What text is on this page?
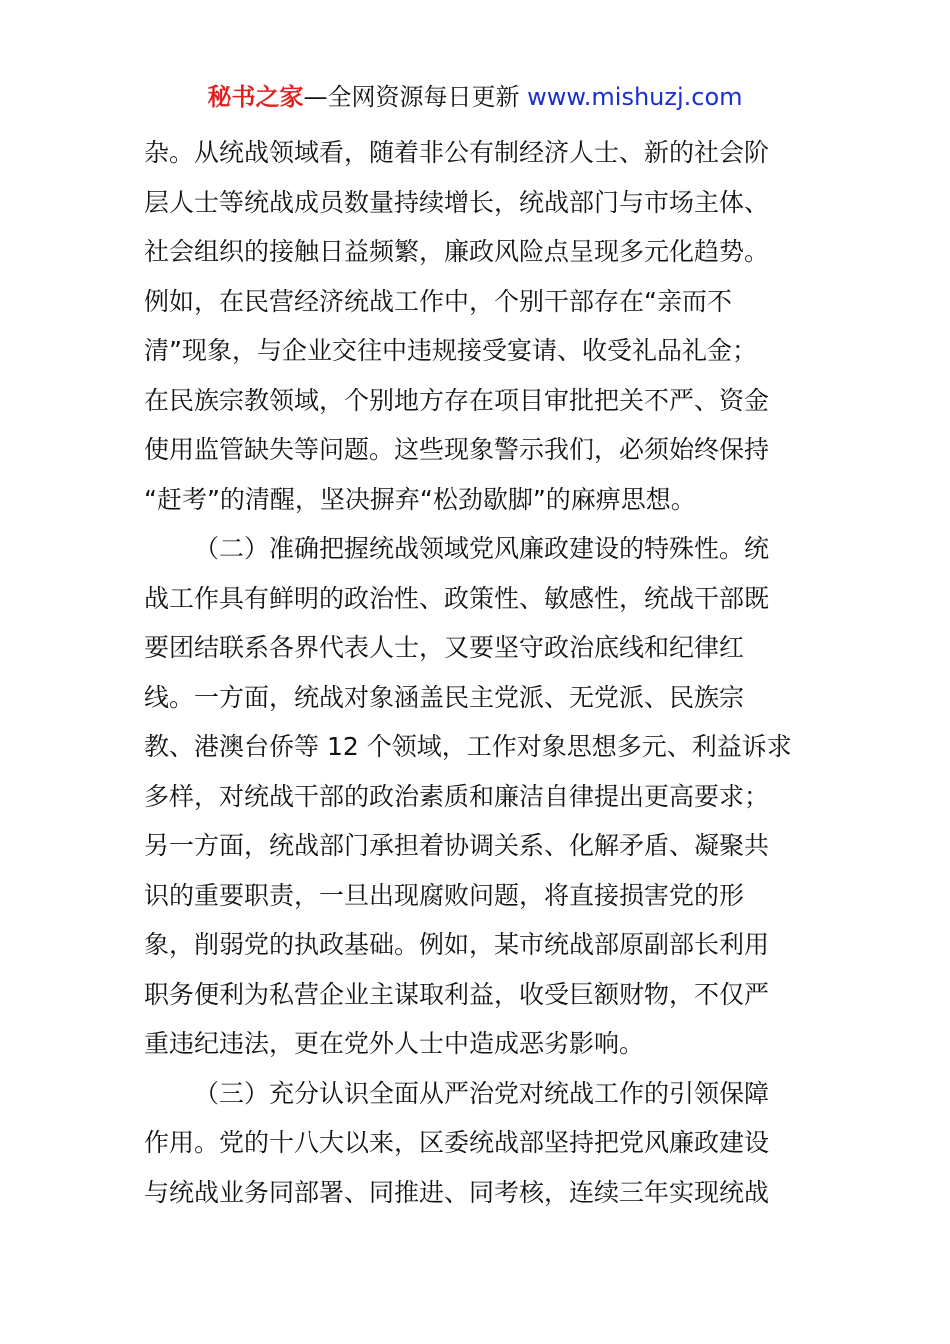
秘书之家—全网资源每日更新 www.mishuzj.com
杂。从统战领域看，随着非公有制经济人士、新的社会阶
层人士等统战成员数量持续增长，统战部门与市场主体、
社会组织的接触日益频繁，廉政风险点呈现多元化趋势。
例如，在民营经济统战工作中，个别干部存在“亲而不
清”现象，与企业交往中违规接受宴请、收受礼品礼金；
在民族宗教领域，个别地方存在项目审批把关不严、资金
使用监管缺失等问题。这些现象警示我们，必须始终保持
“赶考”的清醒，坚决摒弃“松劲歇脚”的麻痹思想。
（二）准确把握统战领域党风廉政建设的特殊性。统
战工作具有鲜明的政治性、政策性、敏感性，统战干部既
要团结联系各界代表人士，又要坚守政治底线和纪律红
线。一方面，统战对象涵盖民主党派、无党派、民族宗
教、港澳台侨等 12 个领域，工作对象思想多元、利益诉求
多样，对统战干部的政治素质和廉洁自律提出更高要求；
另一方面，统战部门承担着协调关系、化解矛盾、凝聚共
识的重要职责，一旦出现腐败问题，将直接损害党的形
象，削弱党的执政基础。例如，某市统战部原副部长利用
职务便利为私营企业主谋取利益，收受巨额财物，不仅严
重违纪违法，更在党外人士中造成恶劣影响。
（三）充分认识全面从严治党对统战工作的引领保障
作用。党的十八大以来，区委统战部坚持把党风廉政建设
与统战业务同部署、同推进、同考核，连续三年实现统战
